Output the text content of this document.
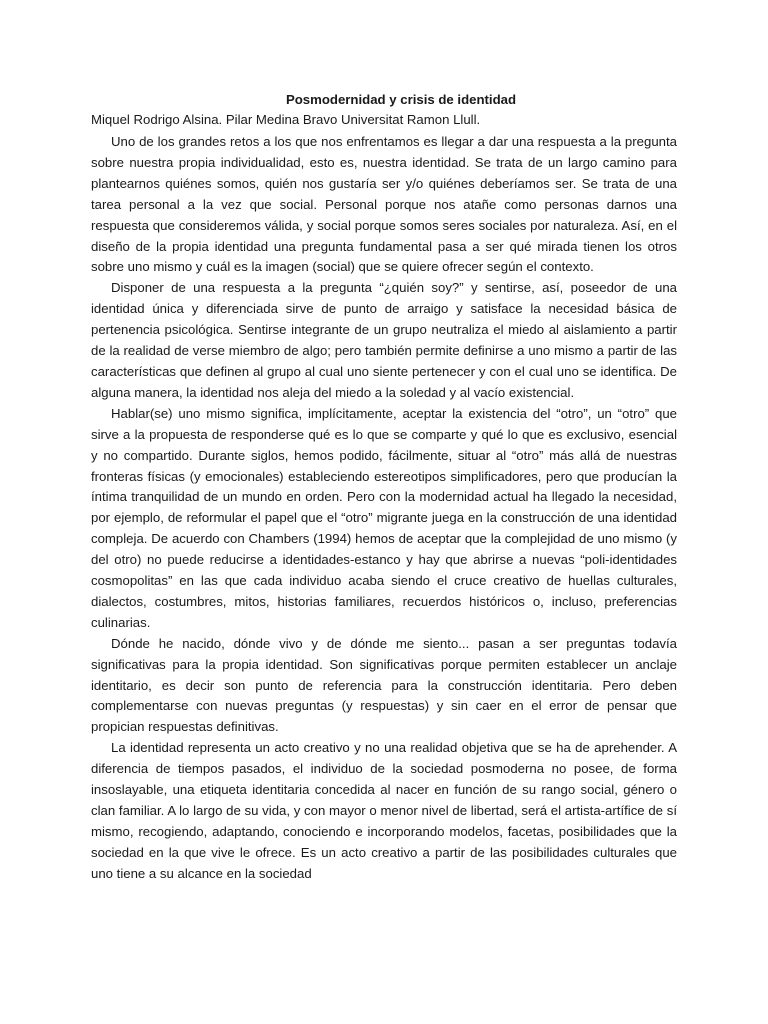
Posmodernidad y crisis de identidad

Miquel Rodrigo Alsina. Pilar Medina Bravo Universitat Ramon Llull.

Uno de los grandes retos a los que nos enfrentamos es llegar a dar una respuesta a la pregunta sobre nuestra propia individualidad, esto es, nuestra identidad. Se trata de un largo camino para plantearnos quiénes somos, quién nos gustaría ser y/o quiénes deberíamos ser. Se trata de una tarea personal a la vez que social. Personal porque nos atañe como personas darnos una respuesta que consideremos válida, y social porque somos seres sociales por naturaleza. Así, en el diseño de la propia identidad una pregunta fundamental pasa a ser qué mirada tienen los otros sobre uno mismo y cuál es la imagen (social) que se quiere ofrecer según el contexto.

Disponer de una respuesta a la pregunta “¿quién soy?” y sentirse, así, poseedor de una identidad única y diferenciada sirve de punto de arraigo y satisface la necesidad básica de pertenencia psicológica. Sentirse integrante de un grupo neutraliza el miedo al aislamiento a partir de la realidad de verse miembro de algo; pero también permite definirse a uno mismo a partir de las características que definen al grupo al cual uno siente pertenecer y con el cual uno se identifica. De alguna manera, la identidad nos aleja del miedo a la soledad y al vacío existencial.

Hablar(se) uno mismo significa, implícitamente, aceptar la existencia del “otro”, un “otro” que sirve a la propuesta de responderse qué es lo que se comparte y qué lo que es exclusivo, esencial y no compartido. Durante siglos, hemos podido, fácilmente, situar al “otro” más allá de nuestras fronteras físicas (y emocionales) estableciendo estereotipos simplificadores, pero que producían la íntima tranquilidad de un mundo en orden. Pero con la modernidad actual ha llegado la necesidad, por ejemplo, de reformular el papel que el “otro” migrante juega en la construcción de una identidad compleja. De acuerdo con Chambers (1994) hemos de aceptar que la complejidad de uno mismo (y del otro) no puede reducirse a identidades-estanco y hay que abrirse a nuevas “poli-identidades cosmopolitas” en las que cada individuo acaba siendo el cruce creativo de huellas culturales, dialectos, costumbres, mitos, historias familiares, recuerdos históricos o, incluso, preferencias culinarias.

Dónde he nacido, dónde vivo y de dónde me siento... pasan a ser preguntas todavía significativas para la propia identidad. Son significativas porque permiten establecer un anclaje identitario, es decir son punto de referencia para la construcción identitaria. Pero deben complementarse con nuevas preguntas (y respuestas) y sin caer en el error de pensar que propician respuestas definitivas.

La identidad representa un acto creativo y no una realidad objetiva que se ha de aprehender. A diferencia de tiempos pasados, el individuo de la sociedad posmoderna no posee, de forma insoslayable, una etiqueta identitaria concedida al nacer en función de su rango social, género o clan familiar. A lo largo de su vida, y con mayor o menor nivel de libertad, será el artista-artífice de sí mismo, recogiendo, adaptando, conociendo e incorporando modelos, facetas, posibilidades que la sociedad en la que vive le ofrece. Es un acto creativo a partir de las posibilidades culturales que uno tiene a su alcance en la sociedad
